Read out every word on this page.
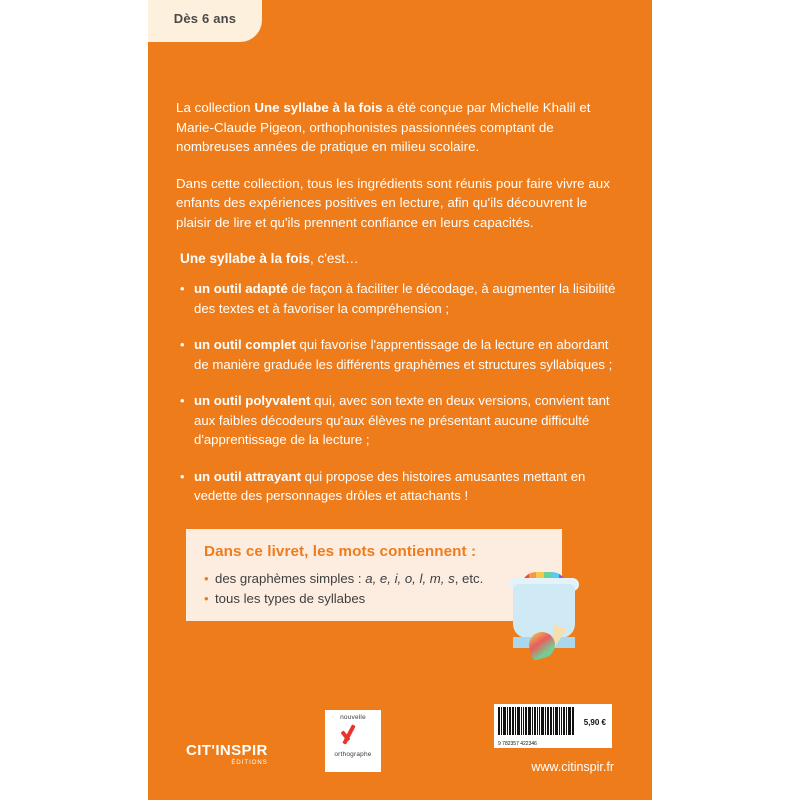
Dès 6 ans

La collection Une syllabe à la fois a été conçue par Michelle Khalil et Marie-Claude Pigeon, orthophonistes passionnées comptant de nombreuses années de pratique en milieu scolaire.

Dans cette collection, tous les ingrédients sont réunis pour faire vivre aux enfants des expériences positives en lecture, afin qu'ils découvrent le plaisir de lire et qu'ils prennent confiance en leurs capacités.

Une syllabe à la fois, c'est…

• un outil adapté de façon à faciliter le décodage, à augmenter la lisibilité des textes et à favoriser la compréhension ;
• un outil complet qui favorise l'apprentissage de la lecture en abordant de manière graduée les différents graphèmes et structures syllabiques ;
• un outil polyvalent qui, avec son texte en deux versions, convient tant aux faibles décodeurs qu'aux élèves ne présentant aucune difficulté d'apprentissage de la lecture ;
• un outil attrayant qui propose des histoires amusantes mettant en vedette des personnages drôles et attachants !
Dans ce livret, les mots contiennent :
• des graphèmes simples : a, e, i, o, l, m, s, etc.
• tous les types de syllabes
CIT'INSPIR
ÉDITIONS
nouvelle
orthographe
9 782357 422346
5,90 €
www.citinspir.fr
